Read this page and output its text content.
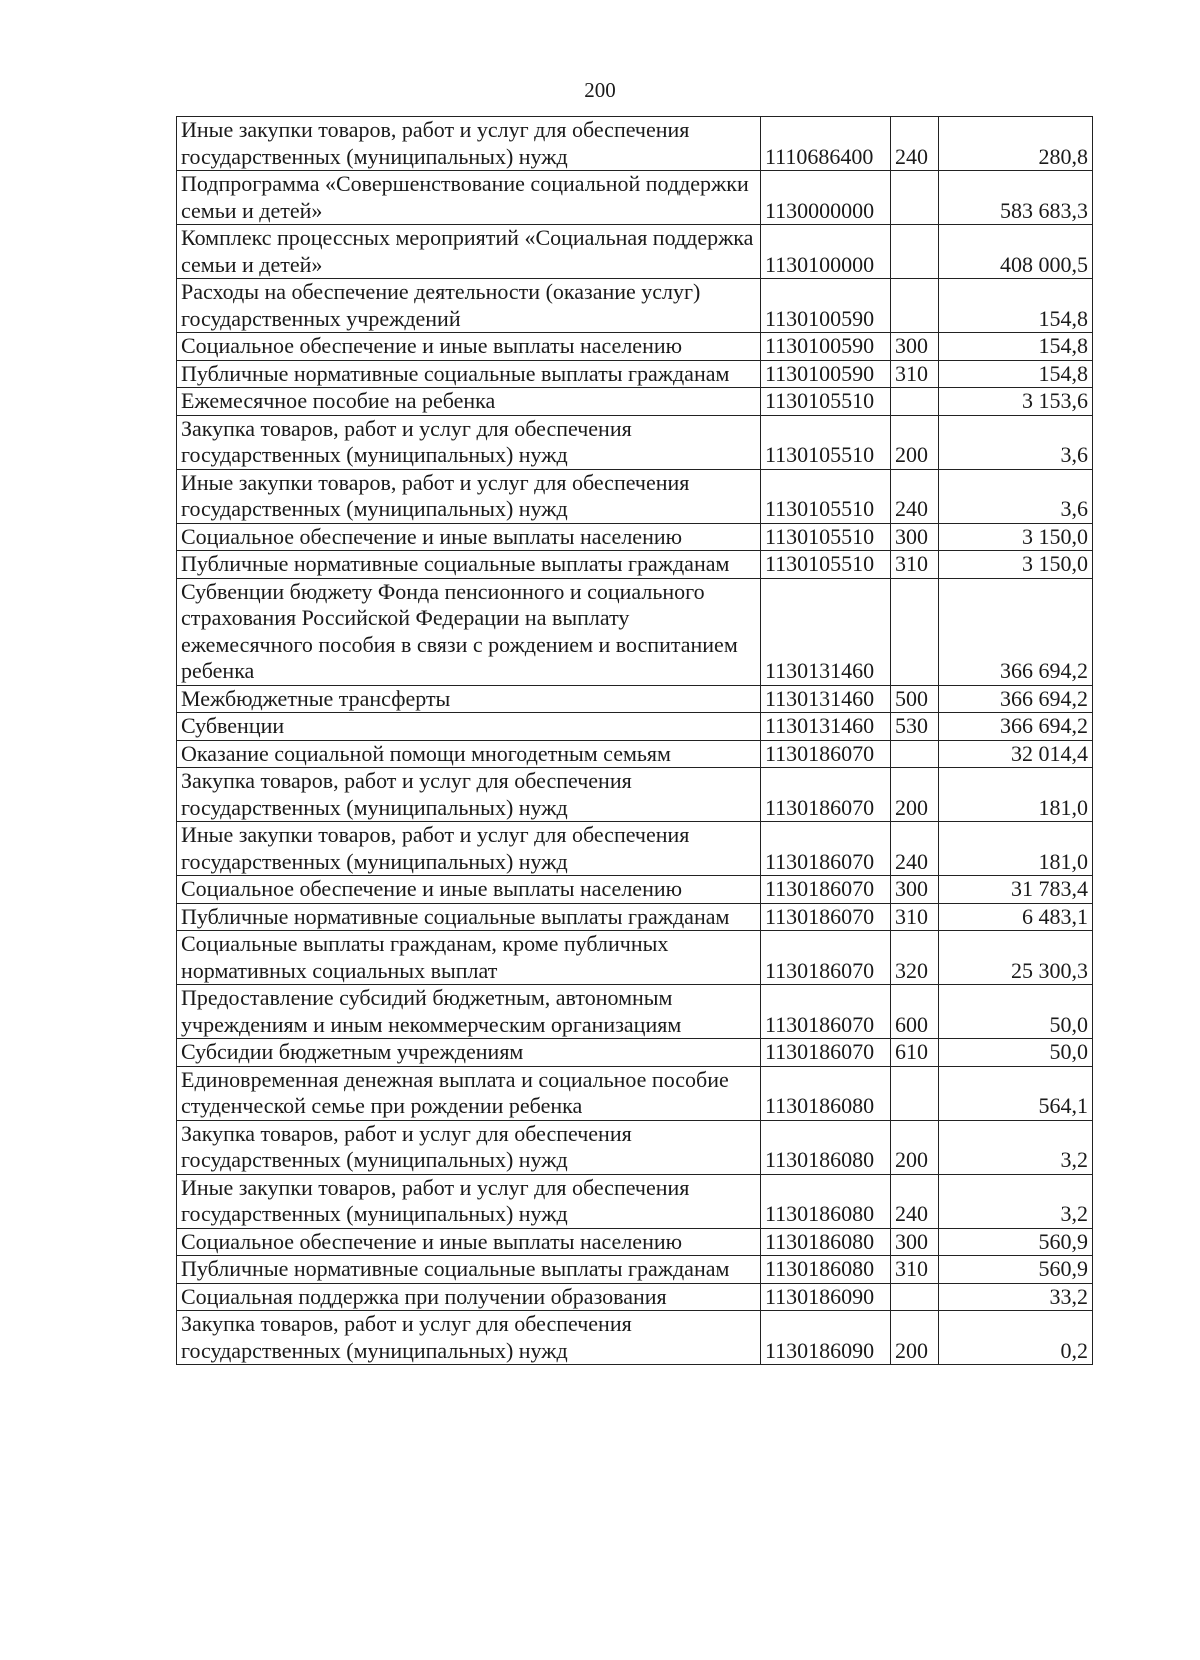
200
Иные закупки товаров, работ и услуг для обеспечения государственных (муниципальных) нужд	1110686400	240	280,8
Подпрограмма «Совершенствование социальной поддержки семьи и детей»	1130000000		583 683,3
Комплекс процессных мероприятий «Социальная поддержка семьи и детей»	1130100000		408 000,5
Расходы на обеспечение деятельности (оказание услуг) государственных учреждений	1130100590		154,8
Социальное обеспечение и иные выплаты населению	1130100590	300	154,8
Публичные нормативные социальные выплаты гражданам	1130100590	310	154,8
Ежемесячное пособие на ребенка	1130105510		3 153,6
Закупка товаров, работ и услуг для обеспечения государственных (муниципальных) нужд	1130105510	200	3,6
Иные закупки товаров, работ и услуг для обеспечения государственных (муниципальных) нужд	1130105510	240	3,6
Социальное обеспечение и иные выплаты населению	1130105510	300	3 150,0
Публичные нормативные социальные выплаты гражданам	1130105510	310	3 150,0
Субвенции бюджету Фонда пенсионного и социального страхования Российской Федерации на выплату ежемесячного пособия в связи с рождением и воспитанием ребенка	1130131460		366 694,2
Межбюджетные трансферты	1130131460	500	366 694,2
Субвенции	1130131460	530	366 694,2
Оказание социальной помощи многодетным семьям	1130186070		32 014,4
Закупка товаров, работ и услуг для обеспечения государственных (муниципальных) нужд	1130186070	200	181,0
Иные закупки товаров, работ и услуг для обеспечения государственных (муниципальных) нужд	1130186070	240	181,0
Социальное обеспечение и иные выплаты населению	1130186070	300	31 783,4
Публичные нормативные социальные выплаты гражданам	1130186070	310	6 483,1
Социальные выплаты гражданам, кроме публичных нормативных социальных выплат	1130186070	320	25 300,3
Предоставление субсидий бюджетным, автономным учреждениям и иным некоммерческим организациям	1130186070	600	50,0
Субсидии бюджетным учреждениям	1130186070	610	50,0
Единовременная денежная выплата и социальное пособие студенческой семье при рождении ребенка	1130186080		564,1
Закупка товаров, работ и услуг для обеспечения государственных (муниципальных) нужд	1130186080	200	3,2
Иные закупки товаров, работ и услуг для обеспечения государственных (муниципальных) нужд	1130186080	240	3,2
Социальное обеспечение и иные выплаты населению	1130186080	300	560,9
Публичные нормативные социальные выплаты гражданам	1130186080	310	560,9
Социальная поддержка при получении образования	1130186090		33,2
Закупка товаров, работ и услуг для обеспечения государственных (муниципальных) нужд	1130186090	200	0,2
